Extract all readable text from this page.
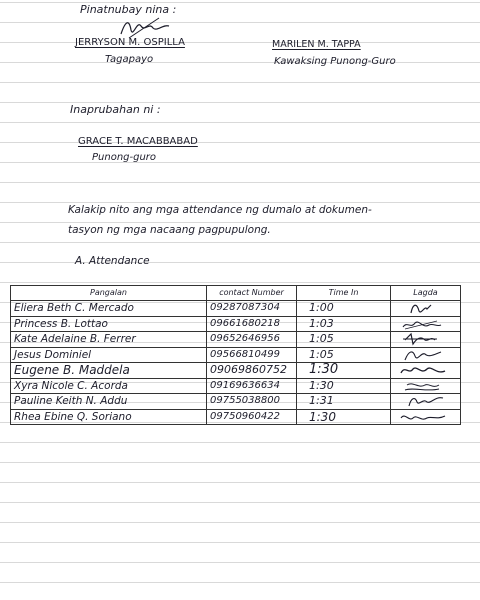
Pinatnubay nina :
JERRYSON M. OSPILLA
Tagapayo
MARILEN M. TAPPA
Kawaksing Punong-Guro
Inaprubahan ni :
GRACE T. MACABBABAD
Punong-guro
Kalakip nito ang mga attendance ng dumalo at dokumen-
tasyon ng mga nacaang pagpupulong.
A. Attendance
Pangalan	contact Number	Time In	Lagda
Eliera Beth C. Mercado	09287087304	1:00	

Princess B. Lottao	09661680218	1:03	

Kate Adelaine B. Ferrer	09652646956	1:05	

Jesus Dominiel	09566810499	1:05	

Eugene B. Maddela	09069860752	1:30	

Xyra Nicole C. Acorda	09169636634	1:30	

Pauline Keith N. Addu	09755038800	1:31	

Rhea Ebine Q. Soriano	09750960422	1:30	
